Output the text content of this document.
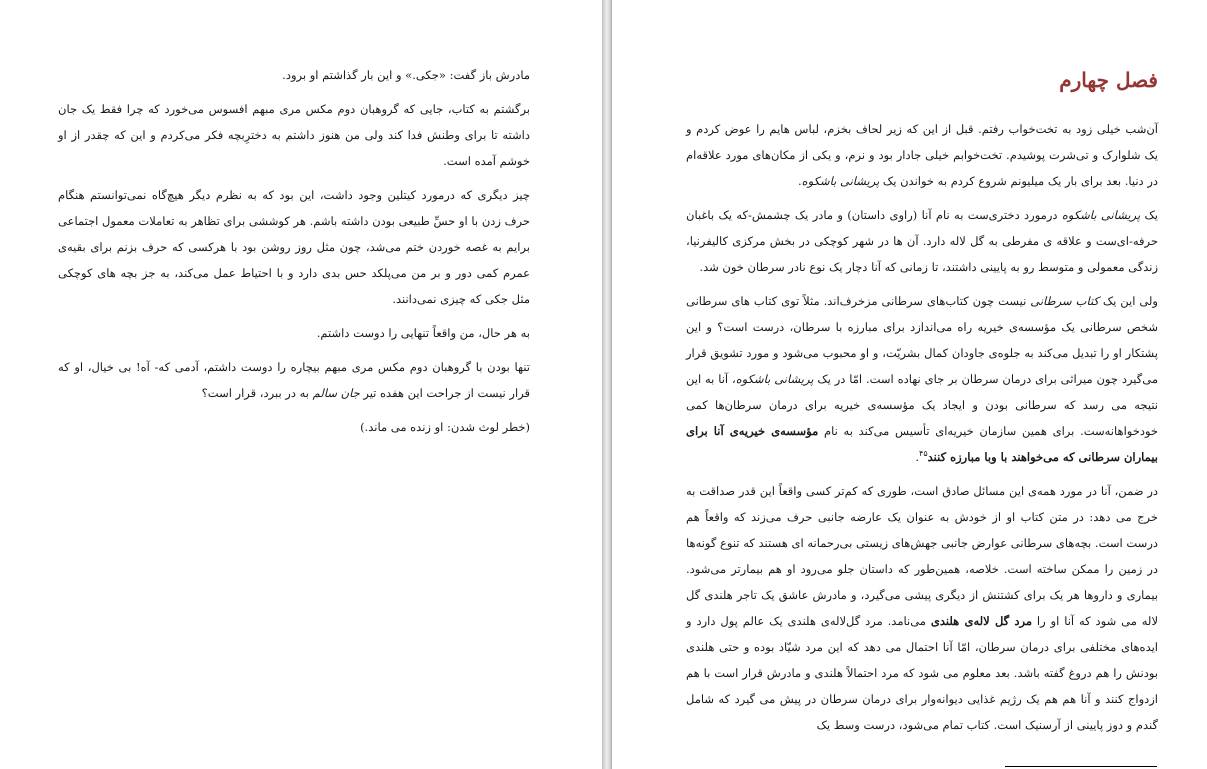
مادرش باز گفت: «جکی.» و این بار گذاشتم او برود.

برگشتم به کتاب، جایی که گروهبان دوم مکس مری مبهم افسوس می‌خورد که چرا فقط یک جان داشته تا برای وطنش فدا کند ولی من هنوز داشتم به دخترِبچه فکر می‌کردم و این که چقدر از او خوشم آمده است.

چیز دیگری که درمورد کیتلین وجود داشت، این بود که به نظرم دیگر هیچ‌گاه نمی‌توانستم هنگام حرف زدن با او حسِّ طبیعی بودن داشته باشم. هر کوششی برای تظاهر به تعاملات معمول اجتماعی برایم به غصه خوردن ختم می‌شد، چون مثل روز روشن بود با هرکسی که حرف بزنم برای بقیه‌ی عمرم کمی دور و بر من می‌پلکد حس بدی دارد و با احتیاط عمل می‌کند، به جز بچه های کوچکی مثل جکی که چیزی نمی‌دانند.

به هر حال، من واقعاً تنهایی را دوست داشتم.

تنها بودن با گروهبان دوم مکس مری مبهم بیچاره را دوست داشتم، آدمی که- آه! بی خیال، او که قرار نیست از جراحت این هفده تیر جان سالم به در ببرد، قرار است؟

(خطر لوث شدن: او زنده می ماند.)

فصل چهارم

آن‌شب خیلی زود به تخت‌خواب رفتم. قبل از این که زیر لحاف بخزم، لباس هایم را عوض کردم و یک شلوارک و تی‌شرت پوشیدم. تخت‌خوابم خیلی جادار بود و نرم، و یکی از مکان‌های مورد علاقه‌ام در دنیا. بعد برای بار یک میلیونم شروع کردم به خواندن یک پریشانی باشکوه.

یک پریشانی باشکوه درمورد دختری‌ست به نام آنا (راوی داستان) و مادر یک چشمش-که یک باغبان حرفه-ای‌ست و علاقه ی مفرطی به گل لاله دارد. آن ها در شهر کوچکی در بخش مرکزی کالیفرنیا، زندگی معمولی و متوسط رو به پایینی داشتند، تا زمانی که آنا دچار یک نوع نادر سرطان خون شد.

ولی این یک کتاب سرطانی نیست چون کتاب‌های سرطانی مزخرف‌اند. مثلاً توی کتاب های سرطانی شخص سرطانی یک مؤسسه‌ی خیریه راه می‌اندازد برای مبارزه با سرطان، درست است؟ و این پشتکار او را تبدیل می‌کند به جلوه‌ی جاودان کمال بشریّت، و او محبوب می‌شود و مورد تشویق قرار می‌گیرد چون میراثی برای درمان سرطان بر جای نهاده است. امّا در یک پریشانی باشکوه، آنا به این نتیجه می رسد که سرطانی بودن و ایجاد یک مؤسسه‌ی خیریه برای درمان سرطان‌ها کمی خودخواهانه‌ست. برای همین سازمان خیریه‌ای تأسیس می‌کند به نام مؤسسه‌ی خیریه‌ی آنا برای بیماران سرطانی که می‌خواهند با وبا مبارزه کنند$^{۴۵}$.

در ضمن، آنا در مورد همه‌ی این مسائل صادق است، طوری که کم‌تر کسی واقعاً این قدر صداقت به خرج می دهد: در متن کتاب او از خودش به عنوان یک عارضه جانبی حرف می‌زند که واقعاً هم درست است. بچه‌های سرطانی عوارض جانبی جهش‌های زیستی بی‌رحمانه ای هستند که تنوع گونه‌ها در زمین را ممکن ساخته است. خلاصه، همین‌طور که داستان جلو می‌رود او هم بیمارتر می‌شود. بیماری و داروها هر یک برای کشتنش از دیگری پیشی می‌گیرد، و مادرش عاشق یک تاجر هلندی گل لاله می شود که آنا او را مرد گل لاله‌ی هلندی می‌نامد. مرد گل‌لاله‌ی هلندی یک عالم پول دارد و ایده‌های مختلفی برای درمان سرطان، امّا آنا احتمال می دهد که این مرد شیّاد بوده و حتی هلندی بودنش را هم دروغ گفته باشد. بعد معلوم می شود که مرد احتمالاً هلندی و مادرش قرار است با هم ازدواج کنند و آنا هم هم یک رژیم غذایی دیوانه‌وار برای درمان سرطان در پیش می گیرد که شامل گندم و دوز پایینی از آرسنیک است. کتاب تمام می‌شود، درست وسط یک
